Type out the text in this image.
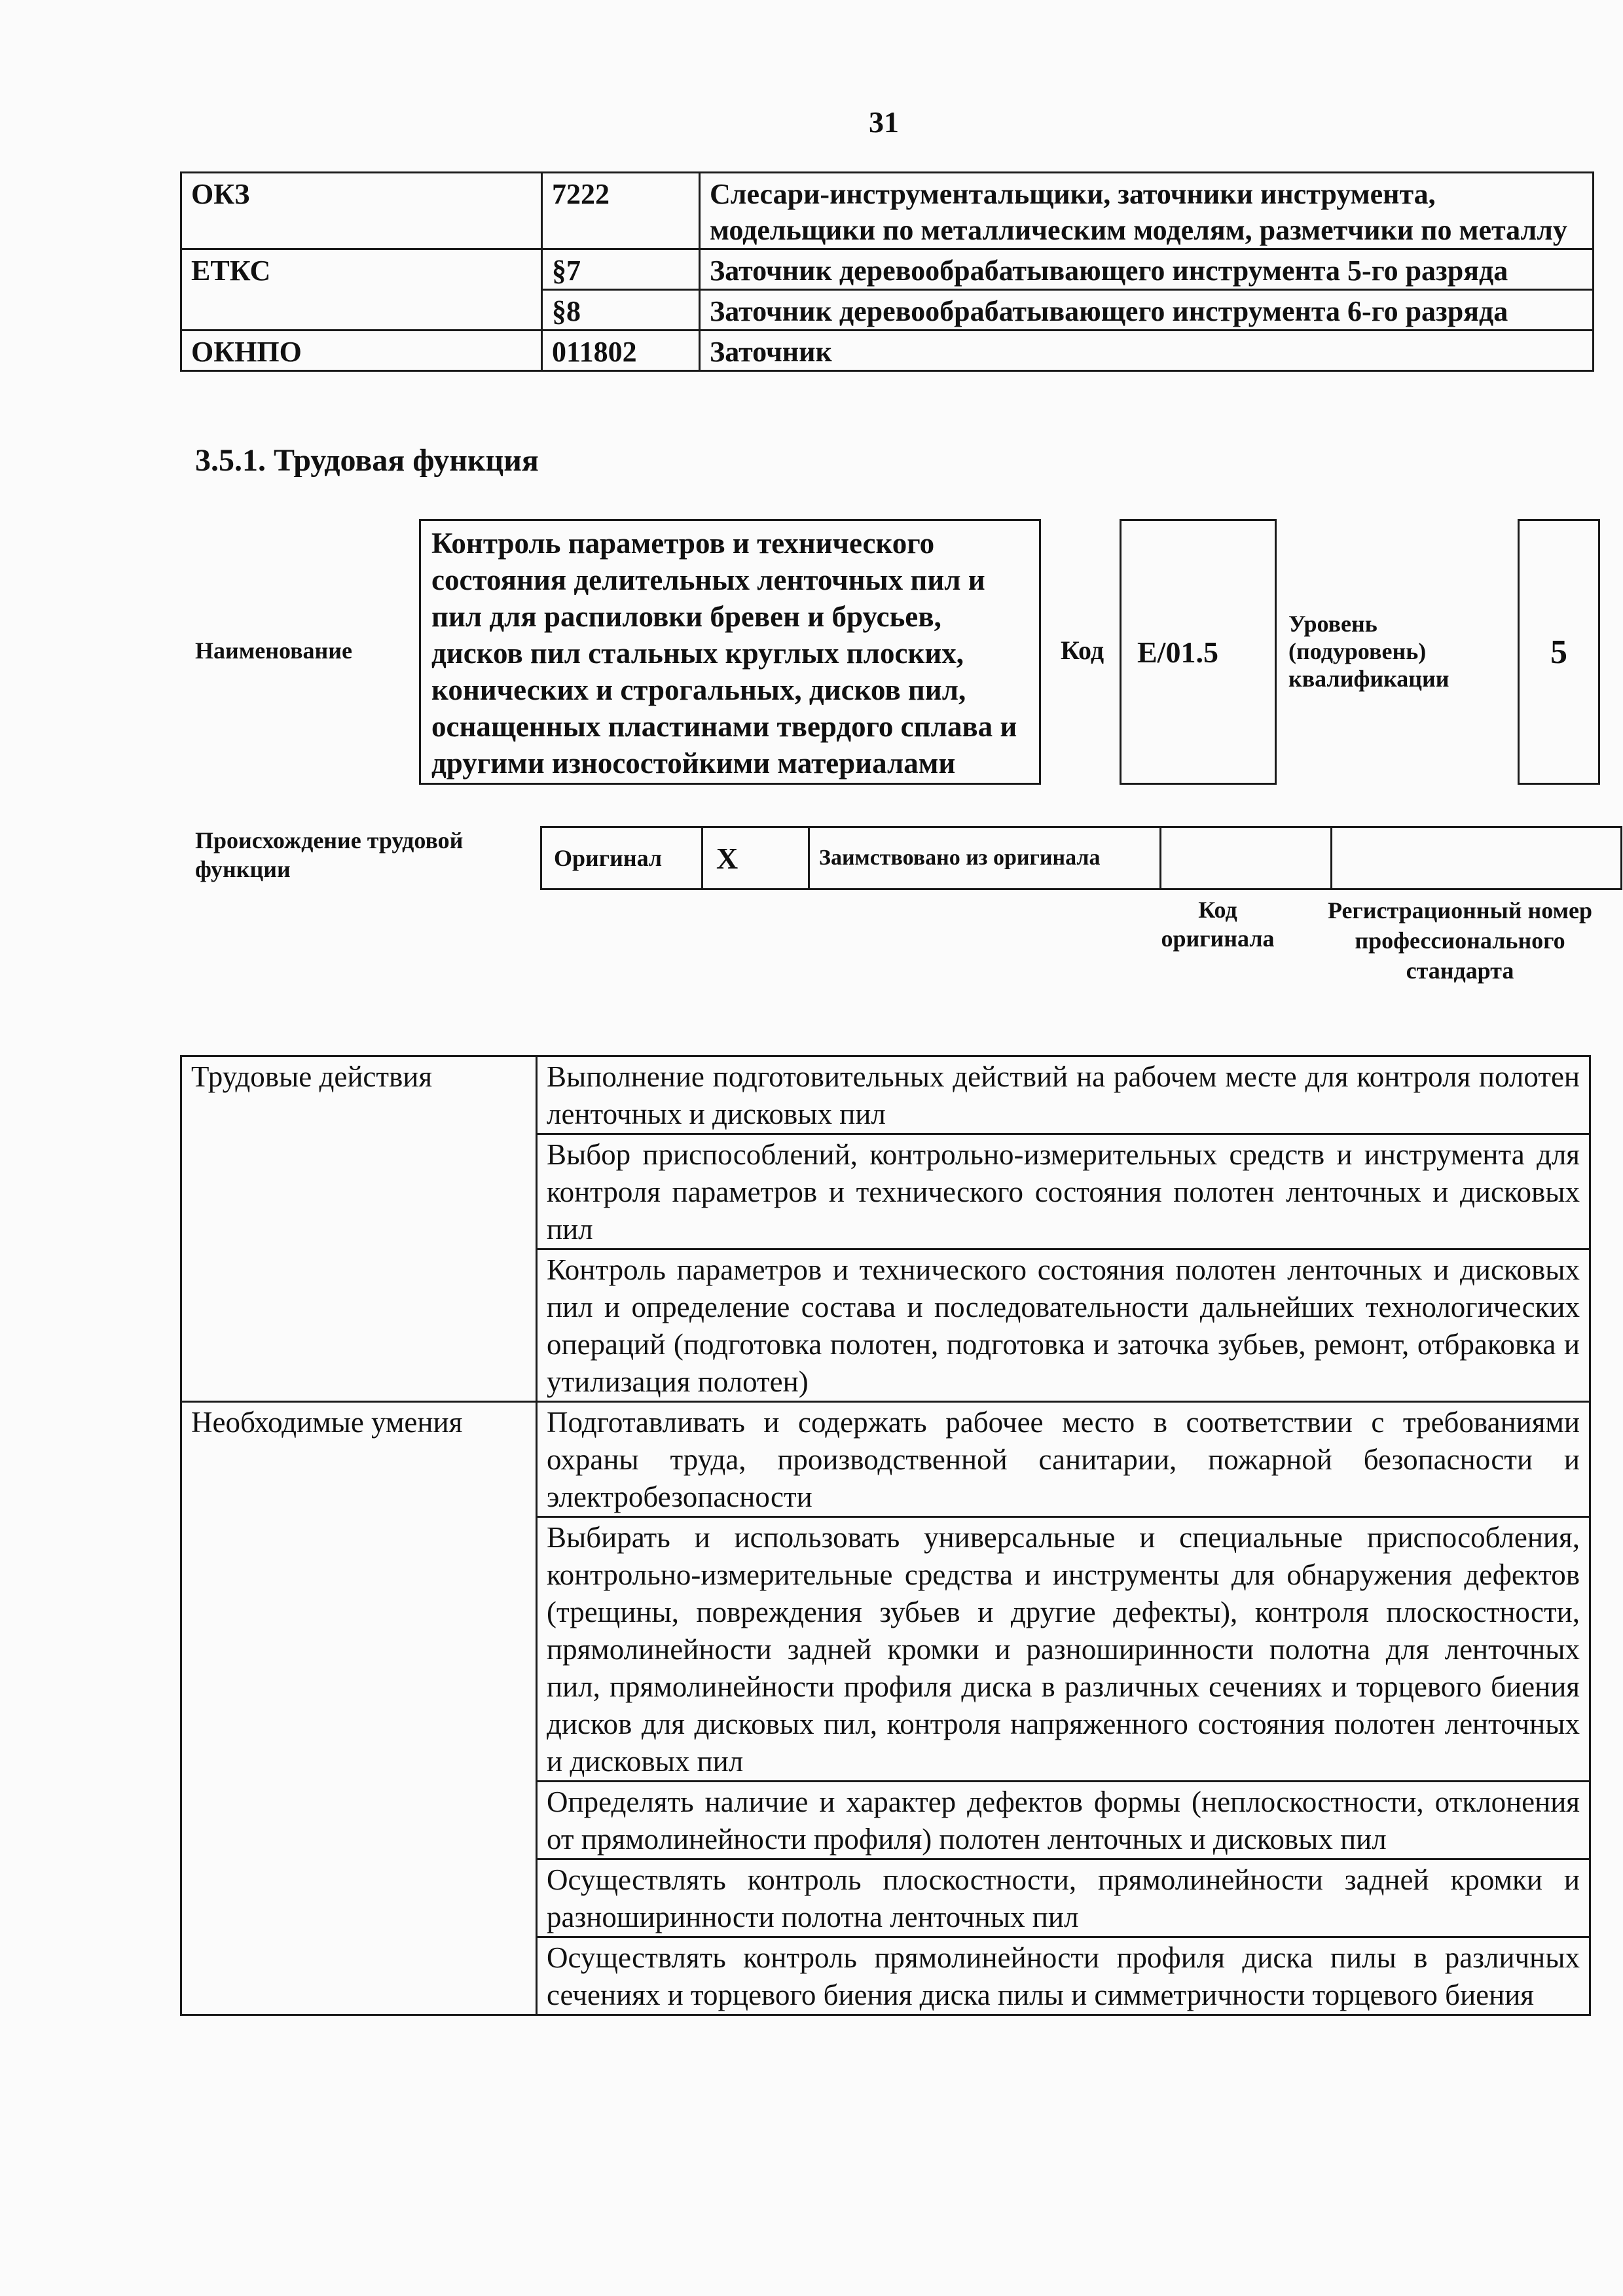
31
ОКЗ	7222	Слесари-инструментальщики, заточники инструмента, модельщики по металлическим моделям, разметчики по металлу
ЕТКС	§7	Заточник деревообрабатывающего инструмента 5-го разряда
	§8	Заточник деревообрабатывающего инструмента 6-го разряда
ОКНПО	011802	Заточник
3.5.1. Трудовая функция
Наименование
Контроль параметров и технического состояния делительных ленточных пил и пил для распиловки бревен и брусьев, дисков пил стальных круглых плоских, конических и строгальных, дисков пил, оснащенных пластинами твердого сплава и другими износостойкими материалами
Код	E/01.5
Уровень (подуровень) квалификации
5
Происхождение трудовой функции	Оригинал	X	Заимствовано из оригинала		
Код оригинала
Регистрационный номер профессионального стандарта
Трудовые действия	Выполнение подготовительных действий на рабочем месте для контроля полотен ленточных и дисковых пил
	Выбор приспособлений, контрольно-измерительных средств и инструмента для контроля параметров и технического состояния полотен ленточных и дисковых пил
	Контроль параметров и технического состояния полотен ленточных и дисковых пил и определение состава и последовательности дальнейших технологических операций (подготовка полотен, подготовка и заточка зубьев, ремонт, отбраковка и утилизация полотен)
Необходимые умения	Подготавливать и содержать рабочее место в соответствии с требованиями охраны труда, производственной санитарии, пожарной безопасности и электробезопасности
	Выбирать и использовать универсальные и специальные приспособления, контрольно-измерительные средства и инструменты для обнаружения дефектов (трещины, повреждения зубьев и другие дефекты), контроля плоскостности, прямолинейности задней кромки и разноширинности полотна для ленточных пил, прямолинейности профиля диска в различных сечениях и торцевого биения дисков для дисковых пил, контроля напряженного состояния полотен ленточных и дисковых пил
	Определять наличие и характер дефектов формы (неплоскостности, отклонения от прямолинейности профиля) полотен ленточных и дисковых пил
	Осуществлять контроль плоскостности, прямолинейности задней кромки и разноширинности полотна ленточных пил
	Осуществлять контроль прямолинейности профиля диска пилы в различных сечениях и торцевого биения диска пилы и симметричности торцевого биения
